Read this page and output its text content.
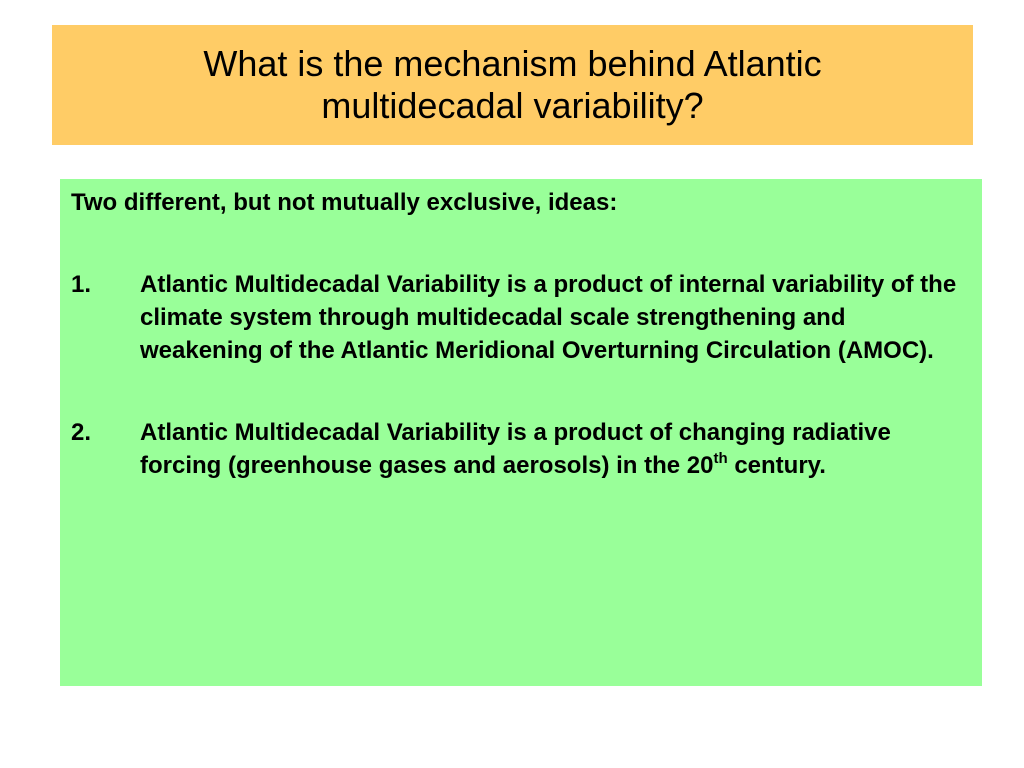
What is the mechanism behind Atlantic multidecadal variability?

Two different, but not mutually exclusive, ideas:

1.	Atlantic Multidecadal Variability is a product of internal variability of the climate system through multidecadal scale strengthening and weakening of the Atlantic Meridional Overturning Circulation (AMOC).
2.	Atlantic Multidecadal Variability is a product of changing radiative forcing (greenhouse gases and aerosols) in the 20th century.
